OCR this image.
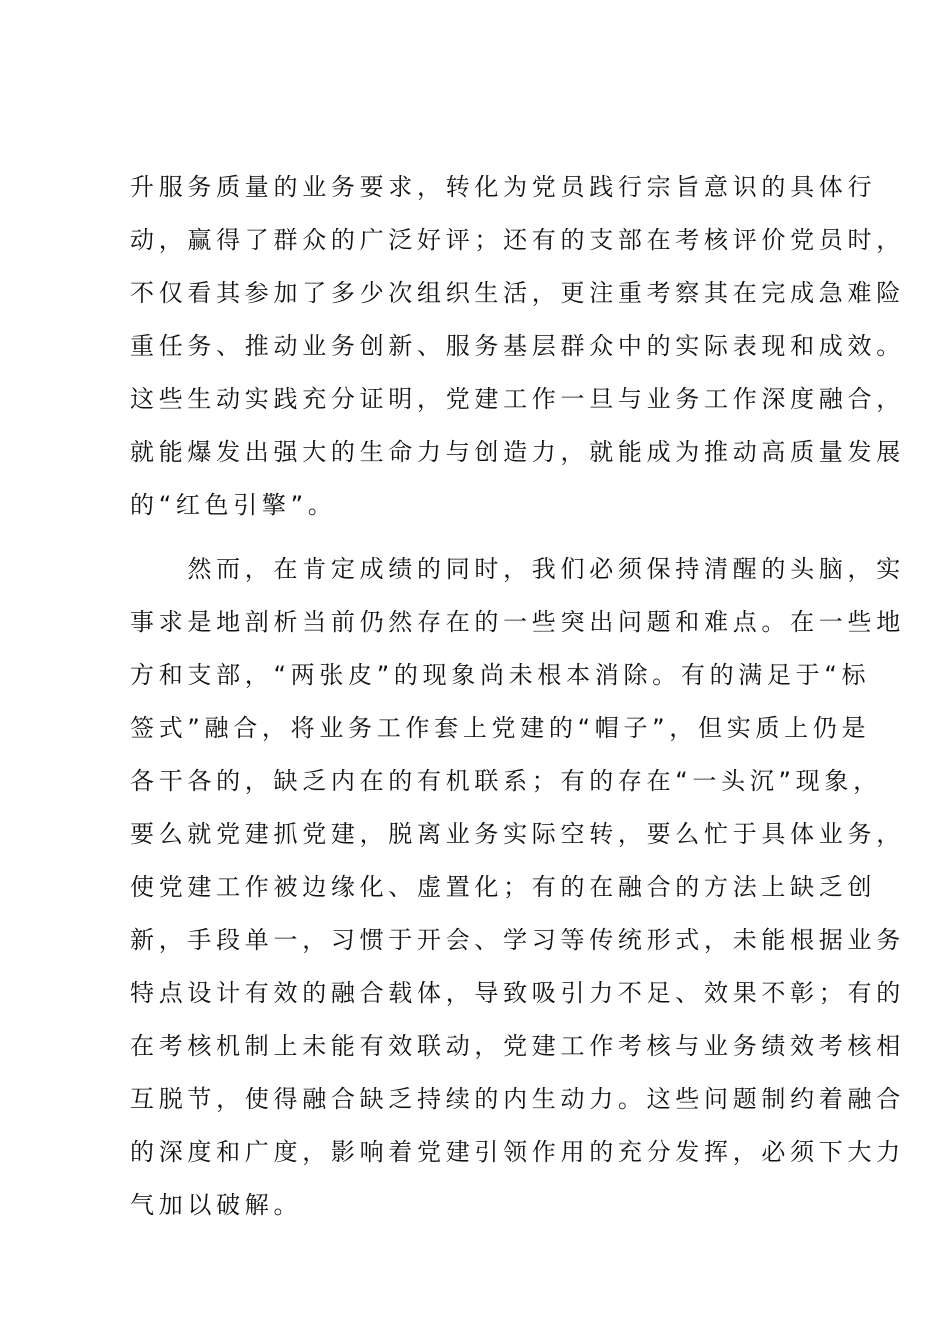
升服务质量的业务要求，转化为党员践行宗旨意识的具体行
动，赢得了群众的广泛好评；还有的支部在考核评价党员时，
不仅看其参加了多少次组织生活，更注重考察其在完成急难险
重任务、推动业务创新、服务基层群众中的实际表现和成效。
这些生动实践充分证明，党建工作一旦与业务工作深度融合，
就能爆发出强大的生命力与创造力，就能成为推动高质量发展
的“红色引擎”。
　　然而，在肯定成绩的同时，我们必须保持清醒的头脑，实
事求是地剖析当前仍然存在的一些突出问题和难点。在一些地
方和支部，“两张皮”的现象尚未根本消除。有的满足于“标
签式”融合，将业务工作套上党建的“帽子”，但实质上仍是
各干各的，缺乏内在的有机联系；有的存在“一头沉”现象，
要么就党建抓党建，脱离业务实际空转，要么忙于具体业务，
使党建工作被边缘化、虚置化；有的在融合的方法上缺乏创
新，手段单一，习惯于开会、学习等传统形式，未能根据业务
特点设计有效的融合载体，导致吸引力不足、效果不彰；有的
在考核机制上未能有效联动，党建工作考核与业务绩效考核相
互脱节，使得融合缺乏持续的内生动力。这些问题制约着融合
的深度和广度，影响着党建引领作用的充分发挥，必须下大力
气加以破解。
